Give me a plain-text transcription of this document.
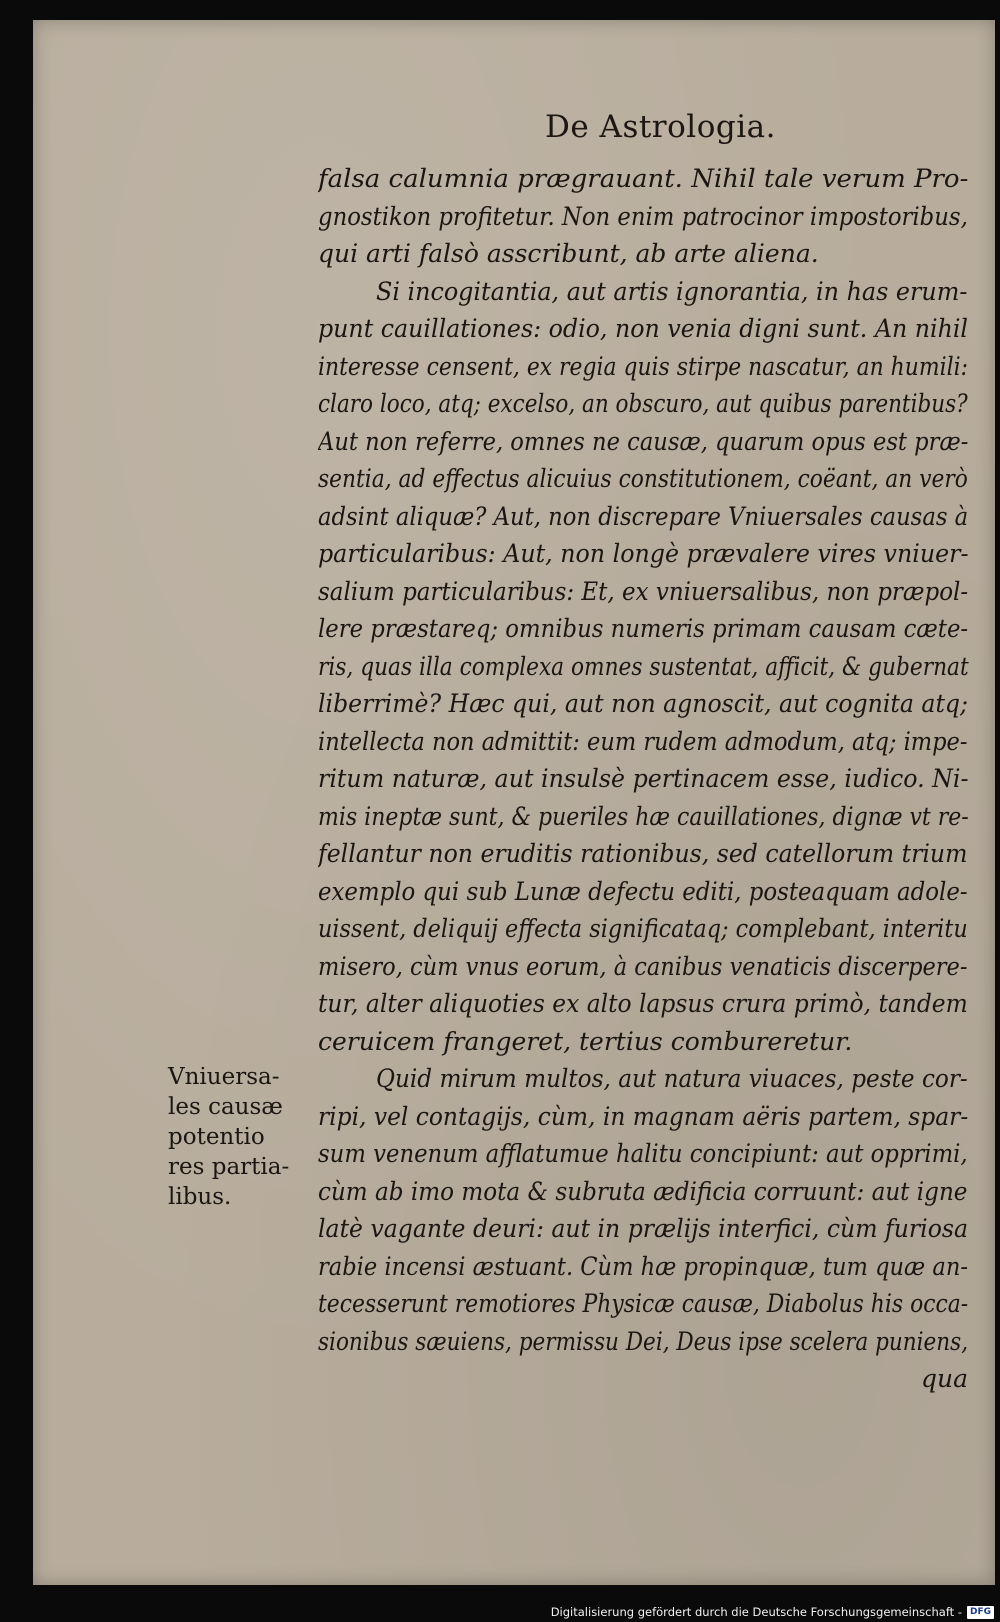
De Astrologia.
falsa calumnia prægrauant. Nihil tale verum Pro-
gnostikon profitetur. Non enim patrocinor impostoribus,
qui arti falsò asscribunt, ab arte aliena.
Si incogitantia, aut artis ignorantia, in has erum-
punt cauillationes: odio, non venia digni sunt. An nihil
interesse censent, ex regia quis stirpe nascatur, an humili:
claro loco, atq; excelso, an obscuro, aut quibus parentibus?
Aut non referre, omnes ne causæ, quarum opus est præ-
sentia, ad effectus alicuius constitutionem, coëant, an verò
adsint aliquæ? Aut, non discrepare Vniuersales causas à
particularibus: Aut, non longè prævalere vires vniuer-
salium particularibus: Et, ex vniuersalibus, non præpol-
lere præstareq; omnibus numeris primam causam cæte-
ris, quas illa complexa omnes sustentat, afficit, & gubernat
liberrimè? Hæc qui, aut non agnoscit, aut cognita atq;
intellecta non admittit: eum rudem admodum, atq; impe-
ritum naturæ, aut insulsè pertinacem esse, iudico. Ni-
mis ineptæ sunt, & pueriles hæ cauillationes, dignæ vt re-
fellantur non eruditis rationibus, sed catellorum trium
exemplo qui sub Lunæ defectu editi, posteaquam adole-
uissent, deliquij effecta significataq; complebant, interitu
misero, cùm vnus eorum, à canibus venaticis discerpere-
tur, alter aliquoties ex alto lapsus crura primò, tandem
ceruicem frangeret, tertius combureretur.
Quid mirum multos, aut natura viuaces, peste cor-
ripi, vel contagijs, cùm, in magnam aëris partem, spar-
sum venenum afflatumue halitu concipiunt: aut opprimi,
cùm ab imo mota & subruta ædificia corruunt: aut igne
latè vagante deuri: aut in prælijs interfici, cùm furiosa
rabie incensi æstuant. Cùm hæ propinquæ, tum quæ an-
tecesserunt remotiores Physicæ causæ, Diabolus his occa-
sionibus sæuiens, permissu Dei, Deus ipse scelera puniens,
qua
Vniuersa-
les causæ
potentio
res partia-
libus.
Digitalisierung gefördert durch die Deutsche Forschungsgemeinschaft - DFG
